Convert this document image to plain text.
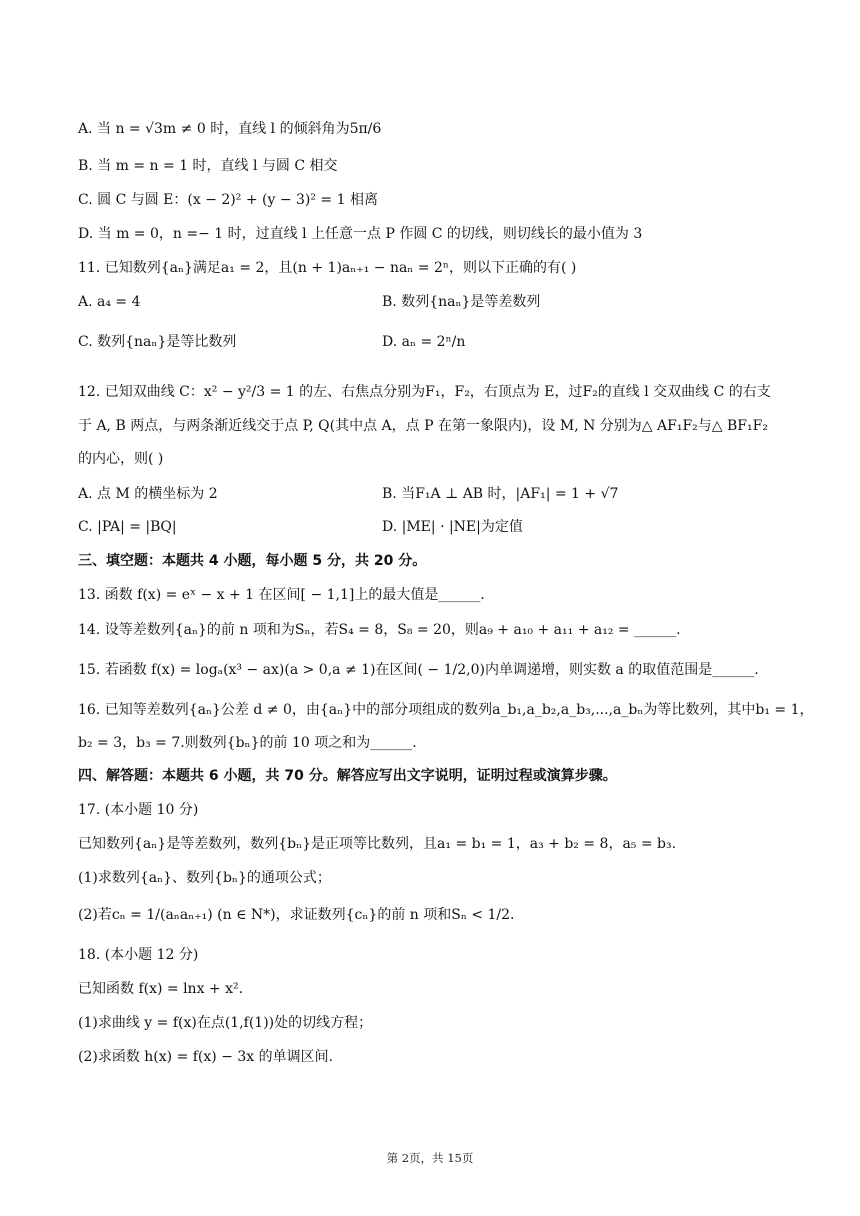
A. 当 n = √3m ≠ 0 时，直线 l 的倾斜角为5π/6
B. 当 m = n = 1 时，直线 l 与圆 C 相交
C. 圆 C 与圆 E：(x − 2)² + (y − 3)² = 1 相离
D. 当 m = 0，n =− 1 时，过直线 l 上任意一点 P 作圆 C 的切线，则切线长的最小值为 3
11. 已知数列{aₙ}满足a₁ = 2，且(n + 1)aₙ₊₁ − naₙ = 2ⁿ，则以下正确的有( )
A. a₄ = 4	B. 数列{naₙ}是等差数列
C. 数列{naₙ}是等比数列	D. aₙ = 2ⁿ/n
12. 已知双曲线 C：x² − y²/3 = 1 的左、右焦点分别为F₁，F₂，右顶点为 E，过F₂的直线 l 交双曲线 C 的右支
于 A, B 两点，与两条渐近线交于点 P, Q(其中点 A，点 P 在第一象限内)，设 M, N 分别为△ AF₁F₂与△ BF₁F₂
的内心，则( )
A. 点 M 的横坐标为 2	B. 当F₁A ⊥ AB 时，|AF₁| = 1 + √7
C. |PA| = |BQ|	D. |ME| · |NE|为定值
三、填空题：本题共 4 小题，每小题 5 分，共 20 分。
13. 函数 f(x) = eˣ − x + 1 在区间[ − 1,1]上的最大值是______.
14. 设等差数列{aₙ}的前 n 项和为Sₙ，若S₄ = 8，S₈ = 20，则a₉ + a₁₀ + a₁₁ + a₁₂ = ______.
15. 若函数 f(x) = logₐ(x³ − ax)(a > 0,a ≠ 1)在区间( − 1/2,0)内单调递增，则实数 a 的取值范围是______.
16. 已知等差数列{aₙ}公差 d ≠ 0，由{aₙ}中的部分项组成的数列a_b₁,a_b₂,a_b₃,...,a_bₙ为等比数列，其中b₁ = 1，
b₂ = 3，b₃ = 7.则数列{bₙ}的前 10 项之和为______.
四、解答题：本题共 6 小题，共 70 分。解答应写出文字说明，证明过程或演算步骤。
17. (本小题 10 分)
已知数列{aₙ}是等差数列，数列{bₙ}是正项等比数列，且a₁ = b₁ = 1，a₃ + b₂ = 8，a₅ = b₃.
(1)求数列{aₙ}、数列{bₙ}的通项公式；
(2)若cₙ = 1/(aₙaₙ₊₁) (n ∈ N*)，求证数列{cₙ}的前 n 项和Sₙ < 1/2.
18. (本小题 12 分)
已知函数 f(x) = lnx + x².
(1)求曲线 y = f(x)在点(1,f(1))处的切线方程；
(2)求函数 h(x) = f(x) − 3x 的单调区间.
第 2页，共 15页
